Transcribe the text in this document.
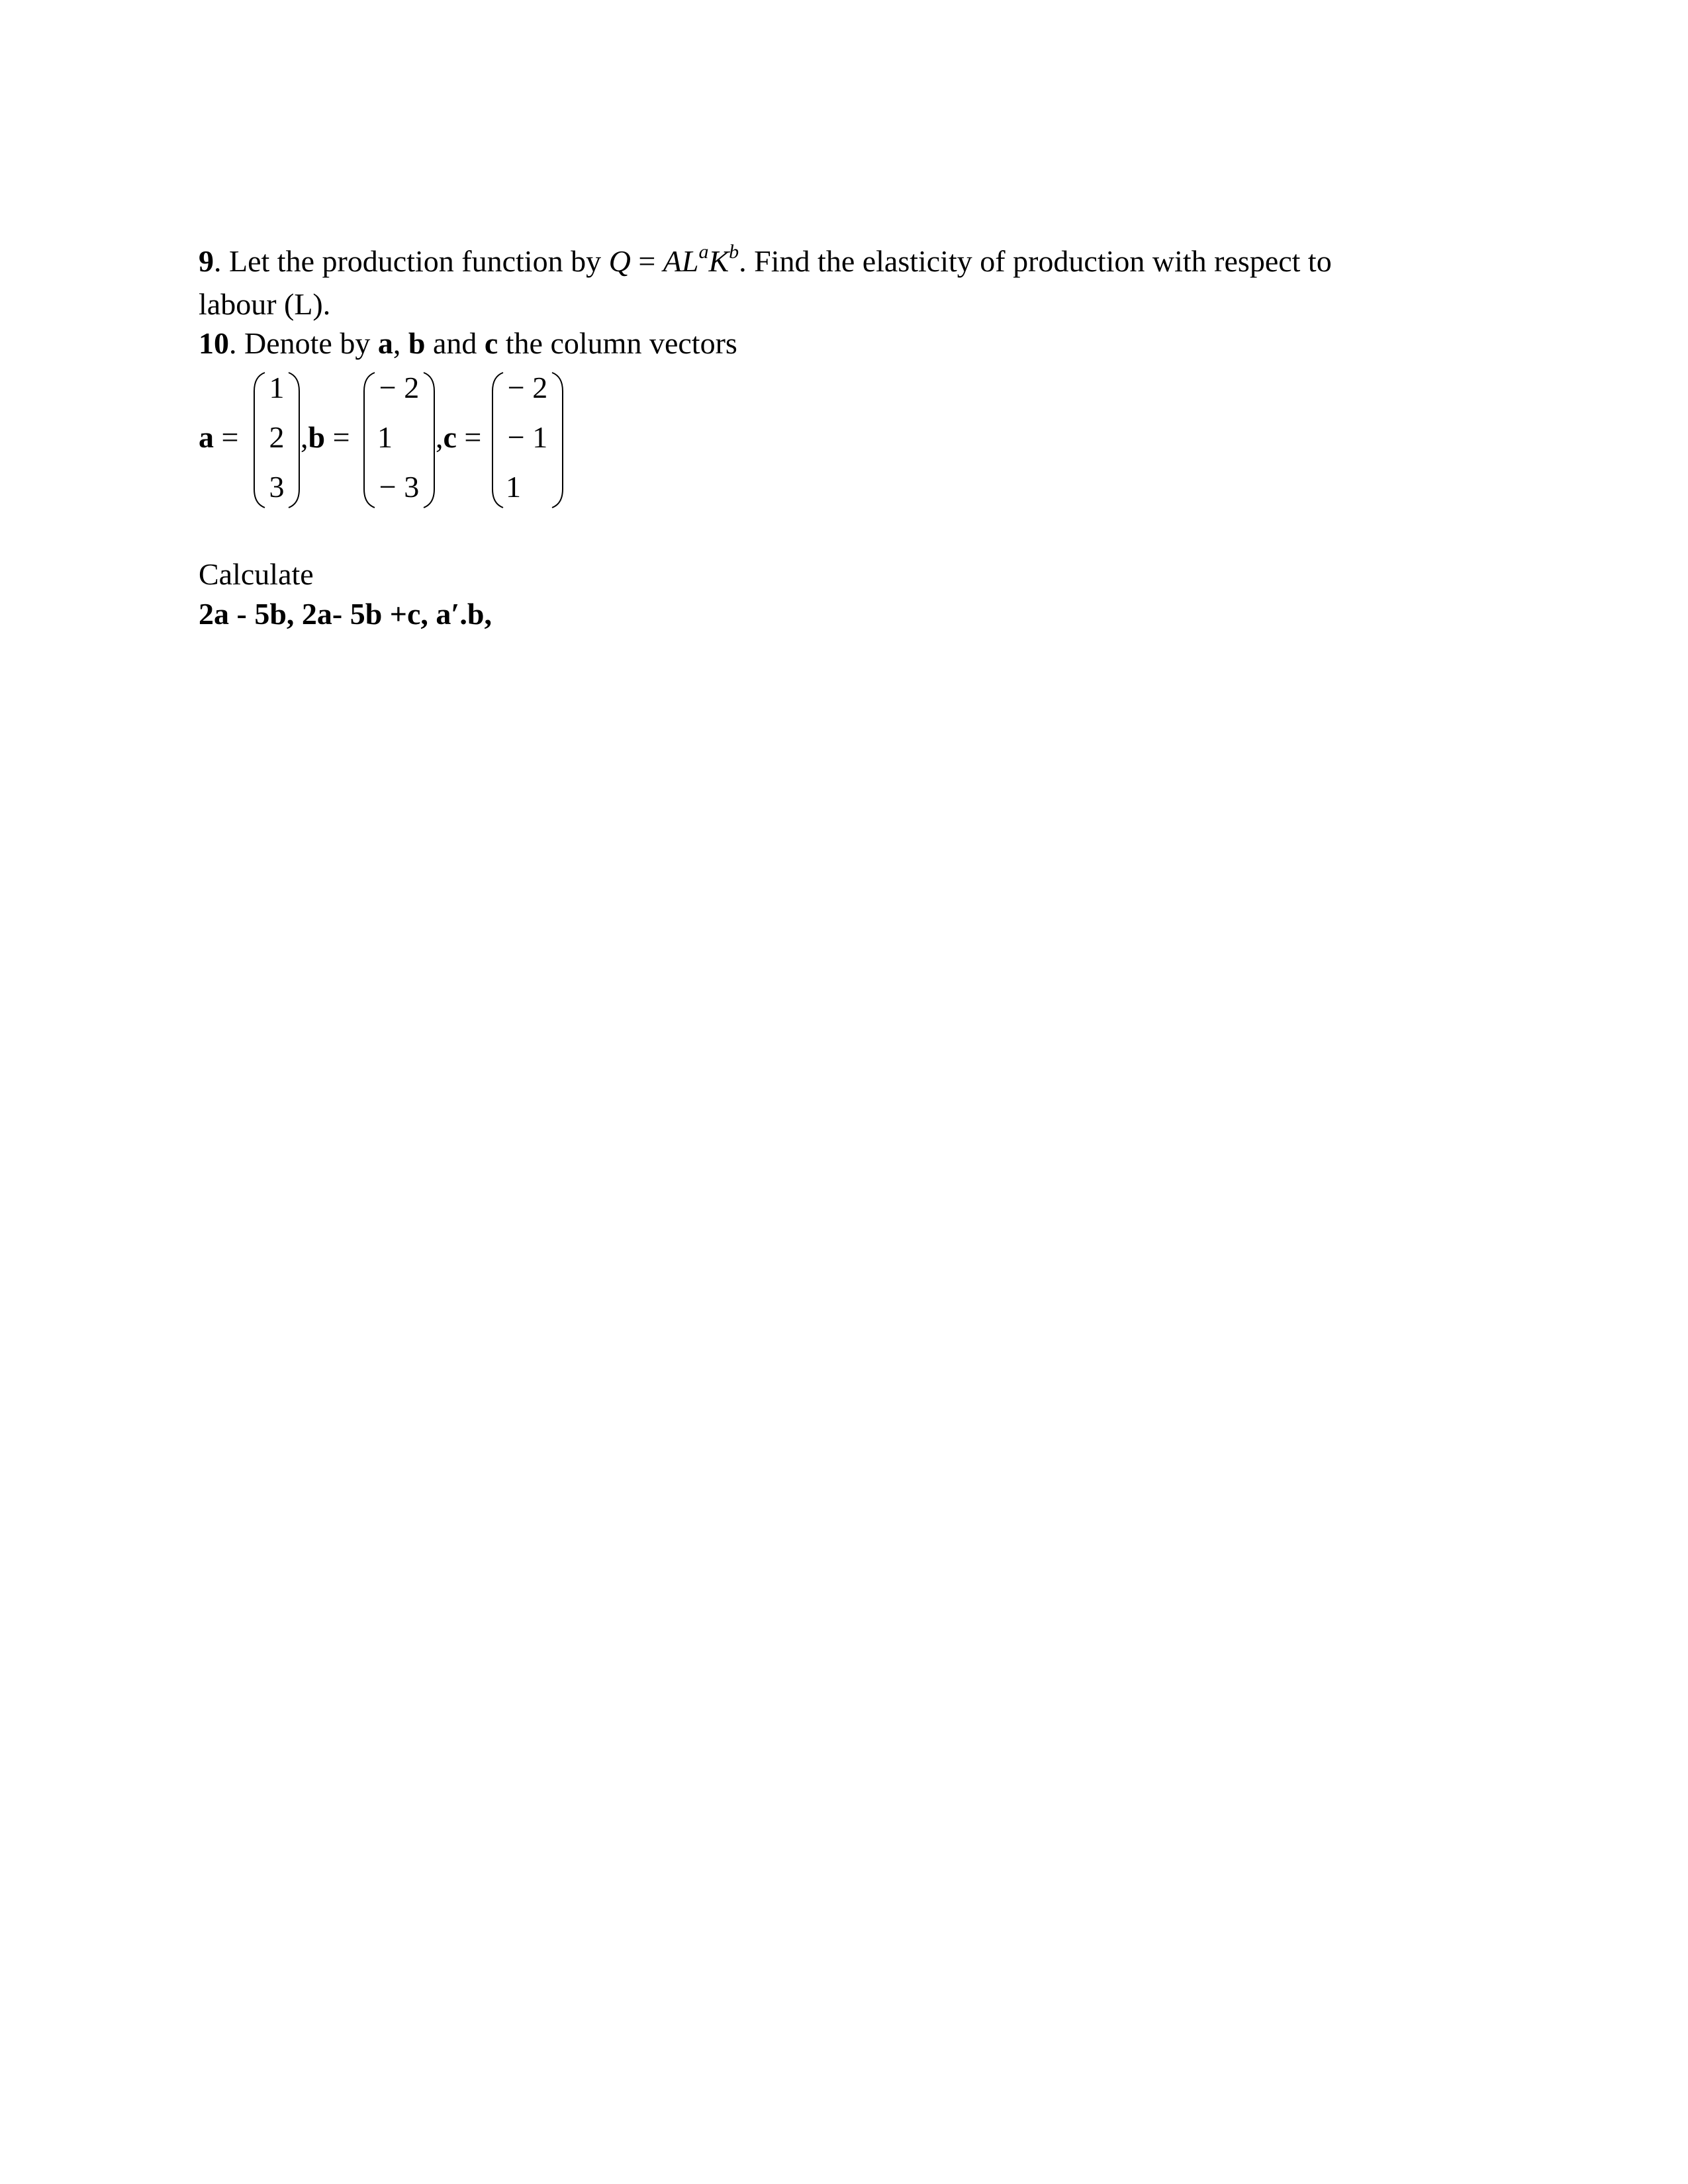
9. Let the production function by $Q = AL^aK^b$. Find the elasticity of production with respect to
labour (L).
10. Denote by a, b and c the column vectors
a =
1
2
3
,b =
− 2
1
− 3
,c =
− 2
− 1
1
Calculate
2a - 5b, 2a- 5b +c, a′.b,
